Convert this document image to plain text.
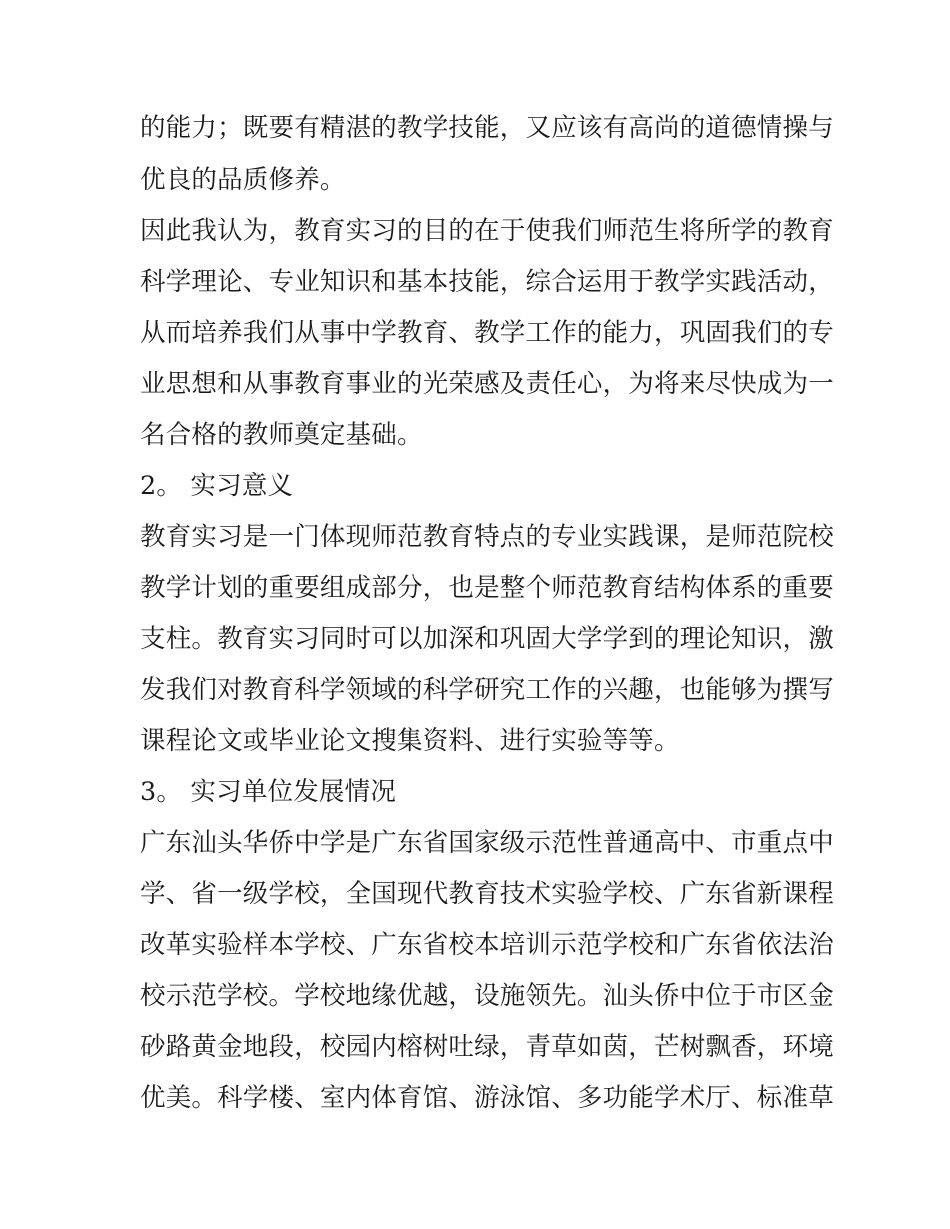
的能力；既要有精湛的教学技能，又应该有高尚的道德情操与
优良的品质修养。
因此我认为，教育实习的目的在于使我们师范生将所学的教育
科学理论、专业知识和基本技能，综合运用于教学实践活动，
从而培养我们从事中学教育、教学工作的能力，巩固我们的专
业思想和从事教育事业的光荣感及责任心，为将来尽快成为一
名合格的教师奠定基础。
2。 实习意义
教育实习是一门体现师范教育特点的专业实践课，是师范院校
教学计划的重要组成部分，也是整个师范教育结构体系的重要
支柱。教育实习同时可以加深和巩固大学学到的理论知识，激
发我们对教育科学领域的科学研究工作的兴趣，也能够为撰写
课程论文或毕业论文搜集资料、进行实验等等。
3。 实习单位发展情况
广东汕头华侨中学是广东省国家级示范性普通高中、市重点中
学、省一级学校，全国现代教育技术实验学校、广东省新课程
改革实验样本学校、广东省校本培训示范学校和广东省依法治
校示范学校。学校地缘优越，设施领先。汕头侨中位于市区金
砂路黄金地段，校园内榕树吐绿，青草如茵，芒树飘香，环境
优美。科学楼、室内体育馆、游泳馆、多功能学术厅、标准草
